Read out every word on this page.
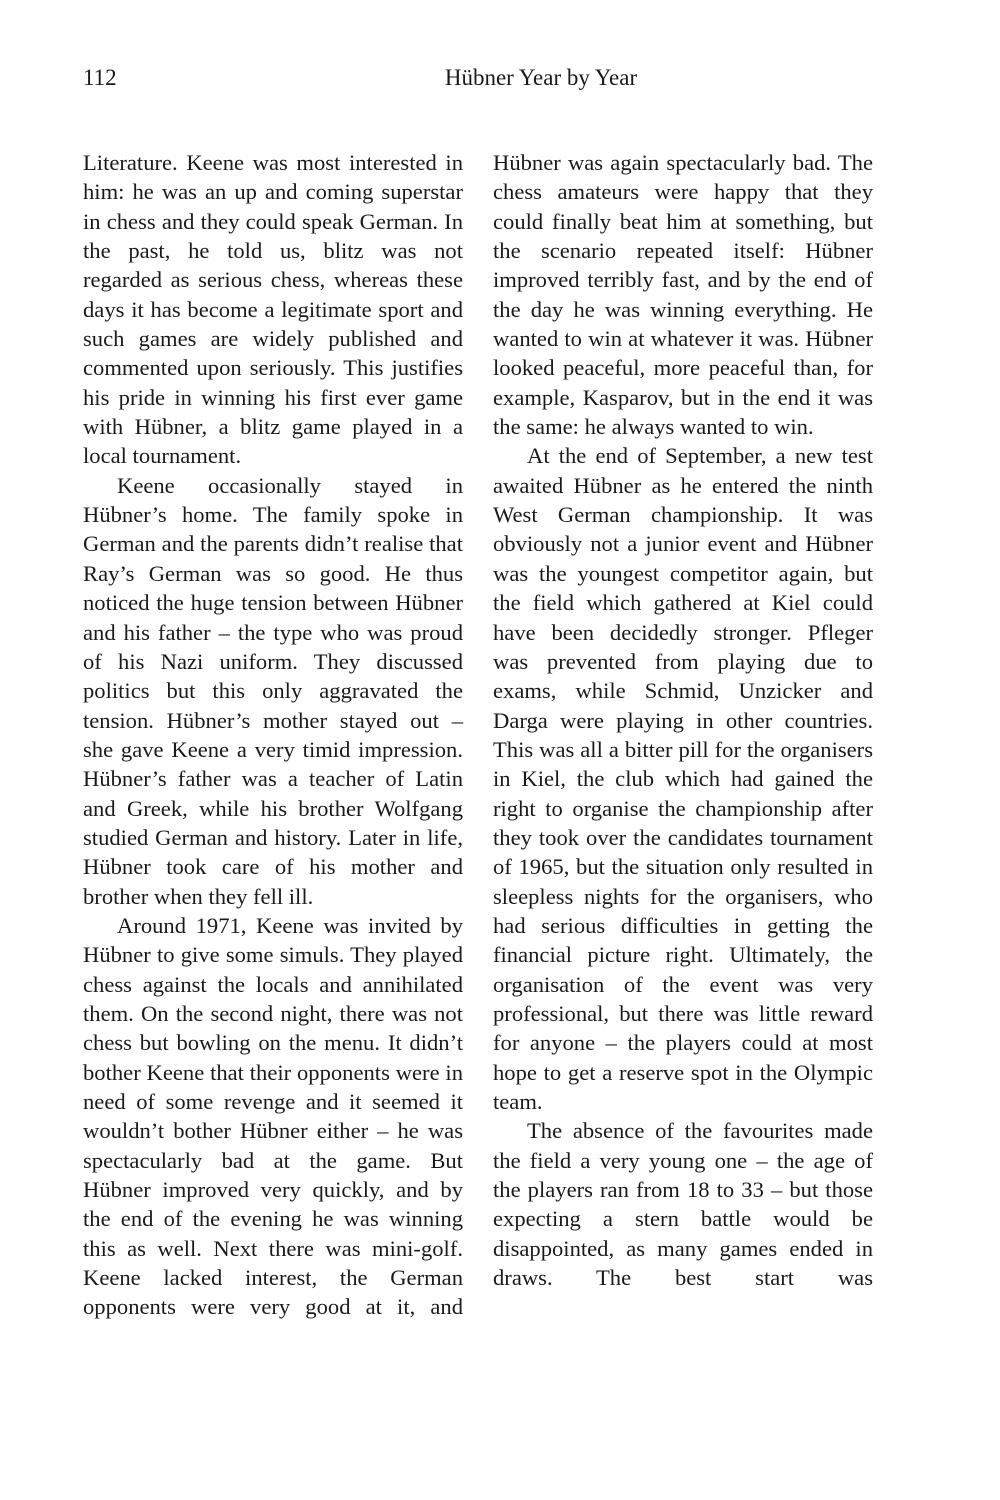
112	Hübner Year by Year

Literature. Keene was most interested in him: he was an up and coming superstar in chess and they could speak German. In the past, he told us, blitz was not regarded as serious chess, whereas these days it has become a legitimate sport and such games are widely published and commented upon seriously. This justifies his pride in winning his first ever game with Hübner, a blitz game played in a local tournament.

Keene occasionally stayed in Hübner’s home. The family spoke in German and the parents didn’t realise that Ray’s German was so good. He thus noticed the huge tension between Hübner and his father – the type who was proud of his Nazi uniform. They discussed politics but this only aggravated the tension. Hübner’s mother stayed out – she gave Keene a very timid impression. Hübner’s father was a teacher of Latin and Greek, while his brother Wolfgang studied German and history. Later in life, Hübner took care of his mother and brother when they fell ill.

Around 1971, Keene was invited by Hübner to give some simuls. They played chess against the locals and annihilated them. On the second night, there was not chess but bowling on the menu. It didn’t bother Keene that their opponents were in need of some revenge and it seemed it wouldn’t bother Hübner either – he was spectacularly bad at the game. But Hübner improved very quickly, and by the end of the evening he was winning this as well. Next there was mini-golf. Keene lacked interest, the German opponents were very good at it, and

Hübner was again spectacularly bad. The chess amateurs were happy that they could finally beat him at something, but the scenario repeated itself: Hübner improved terribly fast, and by the end of the day he was winning everything. He wanted to win at whatever it was. Hübner looked peaceful, more peaceful than, for example, Kasparov, but in the end it was the same: he always wanted to win.

At the end of September, a new test awaited Hübner as he entered the ninth West German championship. It was obviously not a junior event and Hübner was the youngest competitor again, but the field which gathered at Kiel could have been decidedly stronger. Pfleger was prevented from playing due to exams, while Schmid, Unzicker and Darga were playing in other countries. This was all a bitter pill for the organisers in Kiel, the club which had gained the right to organise the championship after they took over the candidates tournament of 1965, but the situation only resulted in sleepless nights for the organisers, who had serious difficulties in getting the financial picture right. Ultimately, the organisation of the event was very professional, but there was little reward for anyone – the players could at most hope to get a reserve spot in the Olympic team.

The absence of the favourites made the field a very young one – the age of the players ran from 18 to 33 – but those expecting a stern battle would be disappointed, as many games ended in draws. The best start was
